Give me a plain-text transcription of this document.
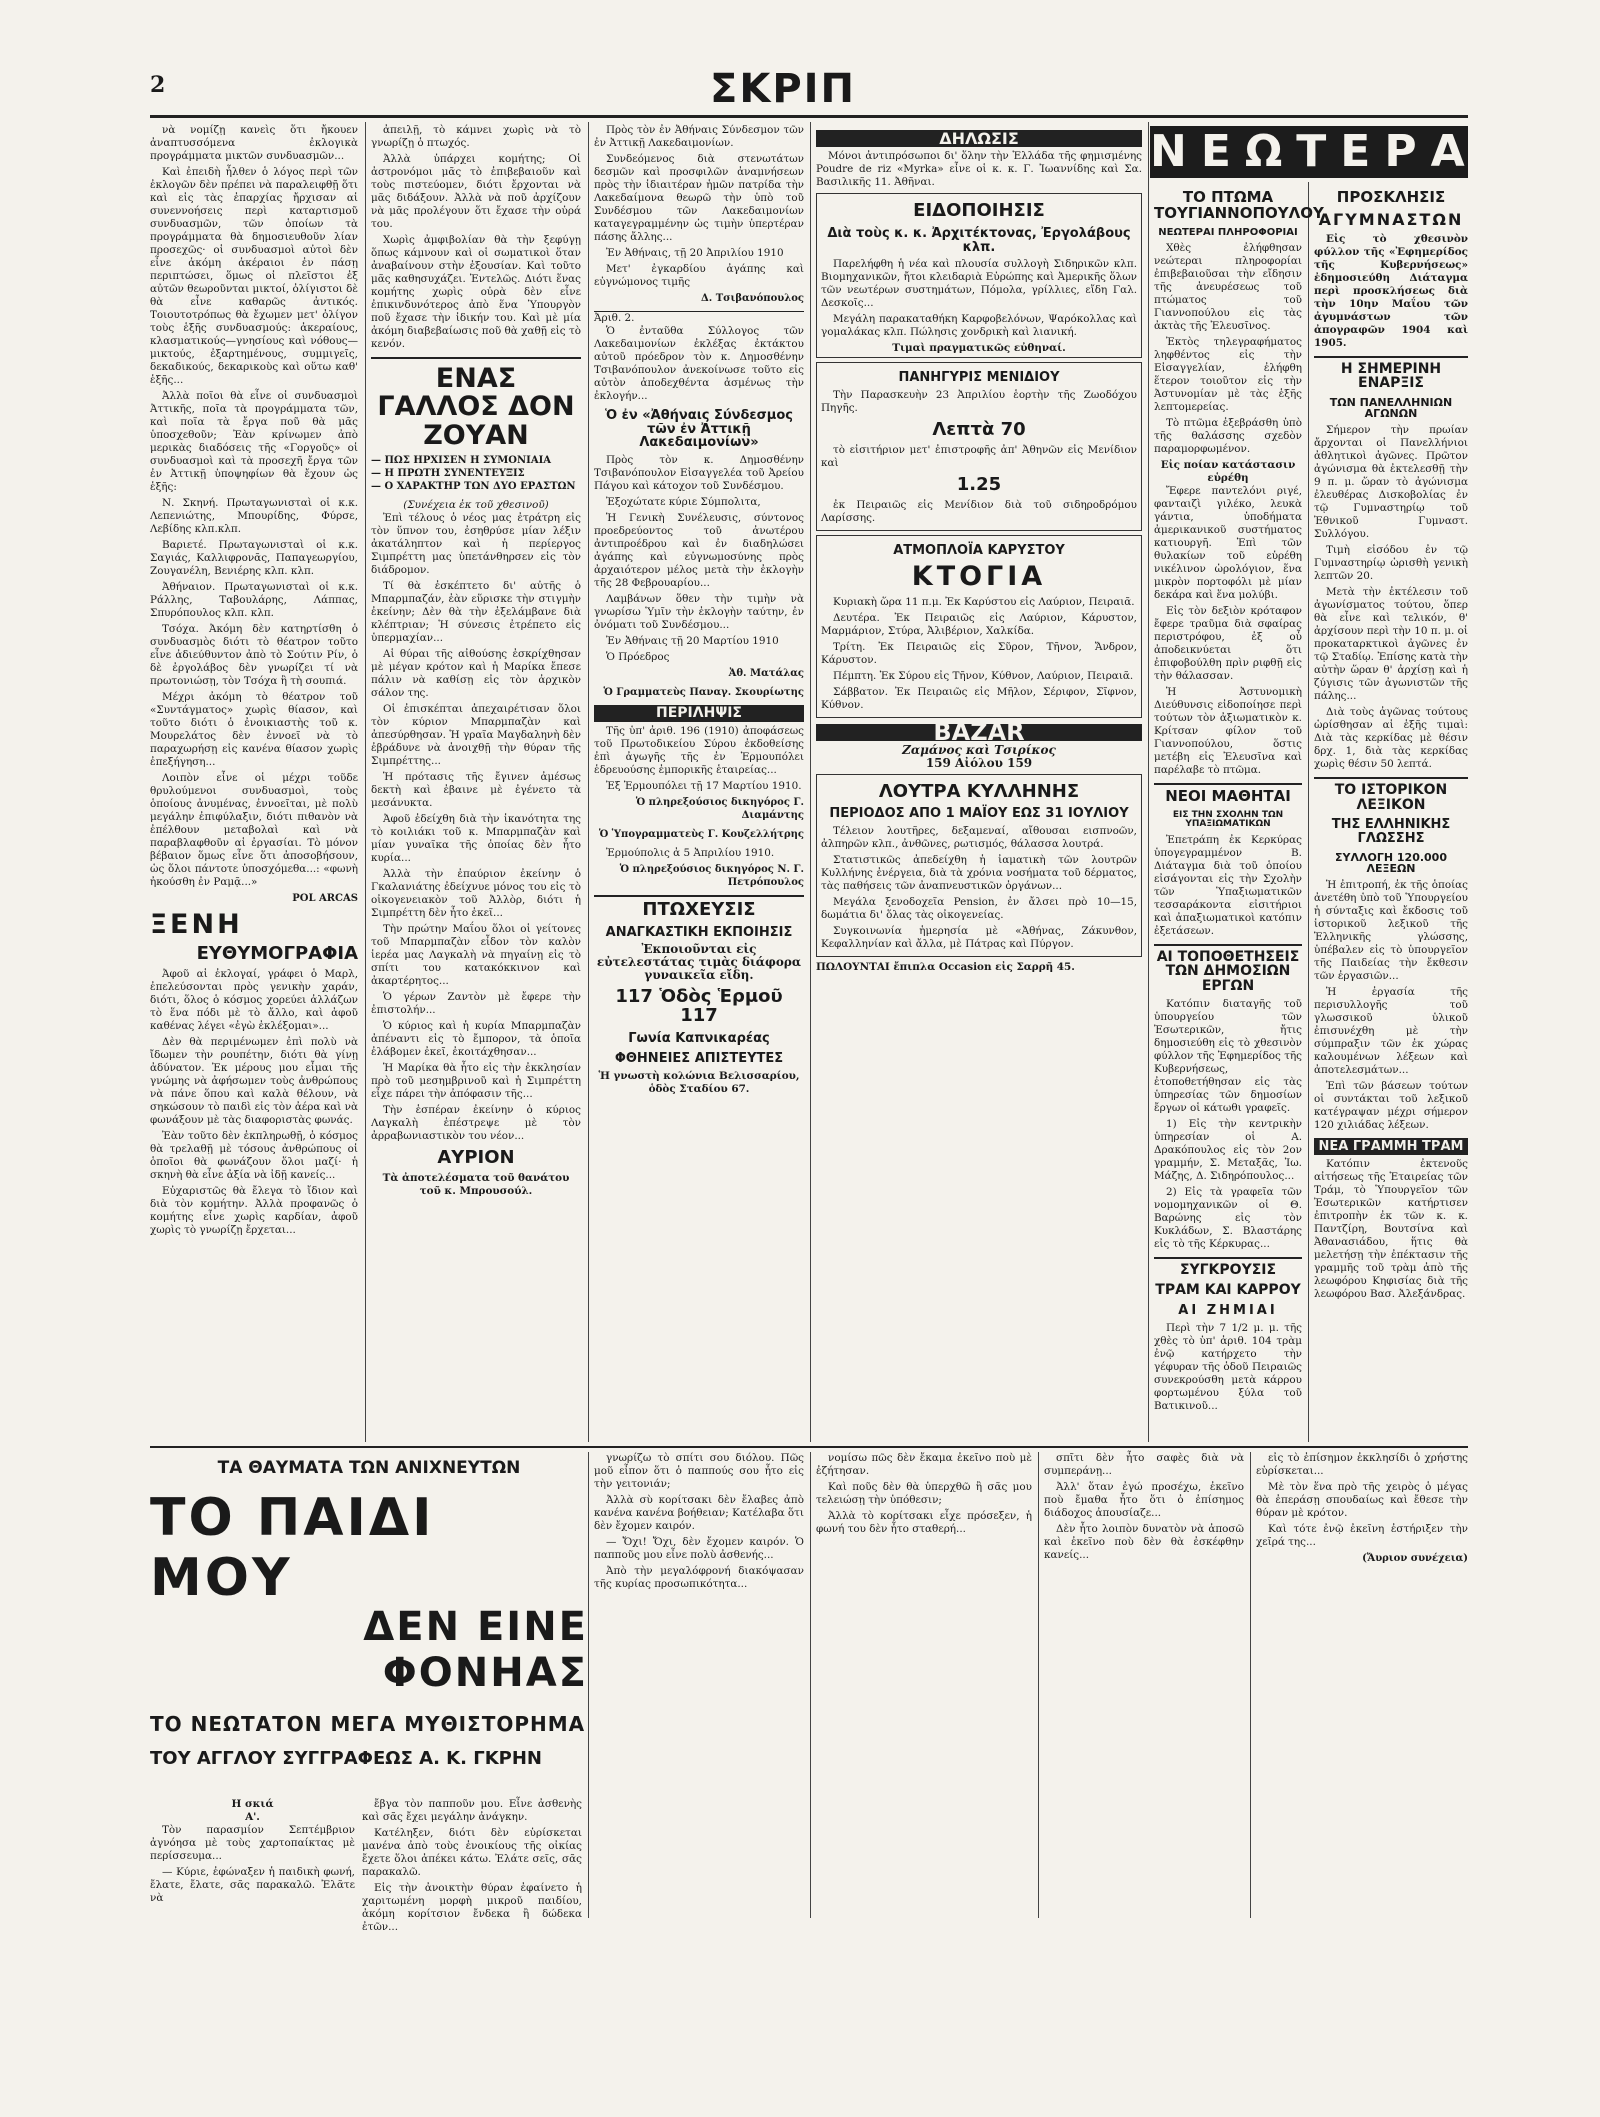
2	ΣΚΡΙΠ

νὰ νομίζῃ κανεὶς ὅτι ἤκουεν ἀναπτυσσόμενα ἐκλογικὰ προγράμματα μικτῶν συνδυασμῶν...

Καὶ ἐπειδὴ ἦλθεν ὁ λόγος περὶ τῶν ἐκλογῶν δὲν πρέπει νὰ παραλειφθῇ ὅτι καὶ εἰς τὰς ἐπαρχίας ἤρχισαν αἱ συνεννοήσεις περὶ καταρτισμοῦ συνδυασμῶν, τῶν ὁποίων τὰ προγράμματα θὰ δημοσιευθοῦν λίαν προσεχῶς· οἱ συνδυασμοὶ αὐτοὶ δὲν εἶνε ἀκόμη ἀκέραιοι ἐν πάσῃ περιπτώσει, ὅμως οἱ πλεῖστοι ἐξ αὐτῶν θεωροῦνται μικτοί, ὀλίγιστοι δὲ θὰ εἶνε καθαρῶς ἀντικός. Τοιουτοτρόπως θὰ ἔχωμεν μετ' ὀλίγον τοὺς ἑξῆς συνδυασμούς: ἀκεραίους, κλασματικούς—γνησίους καὶ νόθους—μικτούς, ἐξαρτημένους, συμμιγεῖς, δεκαδικούς, δεκαρικοὺς καὶ οὕτω καθ' ἑξῆς...

Ἀλλὰ ποῖοι θὰ εἶνε οἱ συνδυασμοὶ Ἀττικῆς, ποῖα τὰ προγράμματα τῶν, καὶ ποῖα τὰ ἔργα ποῦ θὰ μᾶς ὑποσχεθοῦν; Ἐὰν κρίνωμεν ἀπὸ μερικὰς διαδόσεις τῆς «Γοργοῦς» οἱ συνδυασμοὶ καὶ τὰ προσεχῆ ἔργα τῶν ἐν Ἀττικῇ ὑποψηφίων θὰ ἔχουν ὡς ἑξῆς:

Ν. Σκηνή. Πρωταγωνισταὶ οἱ κ.κ. Λεπενιώτης, Μπουρίδης, Φύρσε, Λεβίδης κλπ.κλπ.

Βαριετέ. Πρωταγωνισταὶ οἱ κ.κ. Σαγιάς, Καλλιφρονᾶς, Παπαγεωργίου, Ζουγανέλη, Βενιέρης κλπ. κλπ.

Ἀθήναιον. Πρωταγωνισταὶ οἱ κ.κ. Ράλλης, Ταβουλάρης, Λάππας, Σπυρόπουλος κλπ. κλπ.

Τσόχα. Ἀκόμη δὲν κατηρτίσθη ὁ συνδυασμὸς διότι τὸ θέατρον τοῦτο εἶνε ἀδιεύθυντον ἀπὸ τὸ Σούτιν Ρίν, ὁ δὲ ἐργολάβος δὲν γνωρίζει τί νὰ πρωτονιώσῃ, τὸν Τσόχα ἢ τὴ σουπιά.

Μέχρι ἀκόμη τὸ θέατρον τοῦ «Συντάγματος» χωρὶς θίασον, καὶ τοῦτο διότι ὁ ἐνοικιαστὴς τοῦ κ. Μουρελάτος δὲν ἐννοεῖ νὰ τὸ παραχωρήσῃ εἰς κανένα θίασον χωρὶς ἐπεξήγηση...

Λοιπὸν εἶνε οἱ μέχρι τοῦδε θρυλούμενοι συνδυασμοὶ, τοὺς ὁποίους ἀνυμένας, ἐννοεῖται, μὲ πολὺ μεγάλην ἐπιφύλαξιν, διότι πιθανὸν νὰ ἐπέλθουν μεταβολαὶ καὶ νὰ παραβλαφθοῦν αἱ ἐργασίαι. Τὸ μόνον βέβαιον ὅμως εἶνε ὅτι ἀποσοβήσουν, ὡς ὅλοι πάντοτε ὑποσχόμεθα...: «φωνὴ ἠκούσθη ἐν Ραμᾷ...»

POL ARCAS
ΞΕΝΗ
ΕΥΘΥΜΟΓΡΑΦΙΑ

Ἀφοῦ αἱ ἐκλογαί, γράφει ὁ Μαρλ, ἐπελεύσονται πρὸς γενικὴν χαράν, διότι, ὅλος ὁ κόσμος χορεύει ἀλλάζων τὸ ἕνα πόδι μὲ τὸ ἄλλο, καὶ ἀφοῦ καθένας λέγει «ἐγὼ ἐκλέξομαι»...

Δὲν θὰ περιμένωμεν ἐπὶ πολὺ νὰ ἴδωμεν τὴν ρουπέτην, διότι θὰ γίνῃ ἀδύνατον. Ἐκ μέρους μου εἶμαι τῆς γνώμης νὰ ἀφήσωμεν τοὺς ἀνθρώπους νὰ πάνε ὅπου καὶ καλὰ θέλουν, νὰ σηκώσουν τὸ παιδὶ εἰς τὸν ἀέρα καὶ νὰ φωνάξουν μὲ τὰς διαφοριστὰς φωνάς.

Ἐὰν τοῦτο δὲν ἐκπληρωθῇ, ὁ κόσμος θὰ τρελαθῇ μὲ τόσους ἀνθρώπους οἱ ὁποῖοι θὰ φωνάζουν ὅλοι μαζί· ἡ σκηνὴ θὰ εἶνε ἀξία νὰ ἰδῇ κανείς...

Εὐχαριστῶς θὰ ἔλεγα τὸ ἴδιον καὶ διὰ τὸν κομήτην. Ἀλλὰ προφανῶς ὁ κομήτης εἶνε χωρὶς καρδίαν, ἀφοῦ χωρὶς τὸ γνωρίζῃ ἔρχεται...

ἀπειλῇ, τὸ κάμνει χωρὶς νὰ τὸ γνωρίζῃ ὁ πτωχός.

Ἀλλὰ ὑπάρχει κομήτης; Οἱ ἀστρονόμοι μᾶς τὸ ἐπιβεβαιοῦν καὶ τοὺς πιστεύομεν, διότι ἔρχονται νὰ μᾶς διδάξουν. Ἀλλὰ νὰ ποῦ ἀρχίζουν νὰ μᾶς προλέγουν ὅτι ἔχασε τὴν οὐρά του.

Χωρὶς ἀμφιβολίαν θὰ τὴν ξεφύγῃ ὅπως κάμνουν καὶ οἱ σωματικοὶ ὅταν ἀναβαίνουν στὴν ἐξουσίαν. Καὶ τοῦτο μᾶς καθησυχάζει. Ἐντελῶς. Διότι ἕνας κομήτης χωρὶς οὐρὰ δὲν εἶνε ἐπικινδυνότερος ἀπὸ ἕνα Ὑπουργὸν ποῦ ἔχασε τὴν ἰδικήν του. Καὶ μὲ μία ἀκόμη διαβεβαίωσις ποῦ θὰ χαθῇ εἰς τὸ κενόν.

ΕΝΑΣ ΓΑΛΛΟΣ ΔΟΝ ΖΟΥΑΝ
— ΠΩΣ ΗΡΧΙΣΕΝ Η ΣΥΜΟΝΙΑΙΑ
— Η ΠΡΩΤΗ ΣΥΝΕΝΤΕΥΞΙΣ
— Ο ΧΑΡΑΚΤΗΡ ΤΩΝ ΔΥΟ ΕΡΑΣΤΩΝ
(Συνέχεια ἐκ τοῦ χθεσινοῦ)

Ἐπὶ τέλους ὁ νέος μας ἐτράτρη εἰς τὸν ὕπνον του, ἐσηθρύσε μίαν λέξιν ἀκατάληπτον καὶ ἡ περίεργος Σιμπρέττη μας ὑπετάνθηρσεν εἰς τὸν διάδρομον.

Τί θὰ ἐσκέπτετο δι' αὐτῆς ὁ Μπαρμπαζάν, ἐὰν εὕρισκε τὴν στιγμὴν ἐκείνην; Δὲν θὰ τὴν ἐξελάμβανε διὰ κλέπτριαν; Ἡ σύνεσις ἐτρέπετο εἰς ὑπερμαχίαν...

Αἱ θύραι τῆς αἰθούσης ἐσκρίχθησαν μὲ μέγαν κρότον καὶ ἡ Μαρίκα ἔπεσε πάλιν νὰ καθίσῃ εἰς τὸν ἀρχικὸν σάλον της.

Οἱ ἐπισκέπται ἀπεχαιρέτισαν ὅλοι τὸν κύριον Μπαρμπαζὰν καὶ ἀπεσύρθησαν. Ἡ γραῖα Μαγδαληνὴ δὲν ἐβράδυνε νὰ ἀνοιχθῇ τὴν θύραν τῆς Σιμπρέττης...

Ἡ πρότασις τῆς ἔγινεν ἀμέσως δεκτὴ καὶ ἐβαινε μὲ ἐγένετο τὰ μεσάνυκτα.

Ἀφοῦ ἐδείχθη διὰ τὴν ἱκανότητα της τὸ κοιλιάκι τοῦ κ. Μπαρμπαζὰν καὶ μίαν γυναῖκα τῆς ὁποίας δὲν ἦτο κυρία...

Ἀλλὰ τὴν ἐπαύριον ἐκείνην ὁ Γκαλανιάτης ἐδείχνυε μόνος του εἰς τὸ οἰκογενειακὸν τοῦ Ἀλλὸρ, διότι ἡ Σιμπρέττη δὲν ἦτο ἐκεῖ...

Τὴν πρώτην Μαΐου ὅλοι οἱ γείτονες τοῦ Μπαρμπαζὰν εἶδον τὸν καλὸν ἱερέα μας Λαγκαλὴ νὰ πηγαίνῃ εἰς τὸ σπίτι του κατακόκκινον καὶ ἀκαρτέρητος...

Ὁ γέρων Ζαντὸν μὲ ἔφερε τὴν ἐπιστολήν...

Ὁ κύριος καὶ ἡ κυρία Μπαρμπαζὰν ἀπέναντι εἰς τὸ ἔμπορον, τὰ ὁποῖα ἐλάβομεν ἐκεῖ, ἐκοιτάχθησαν...

Ἡ Μαρίκα θὰ ἦτο εἰς τὴν ἐκκλησίαν πρὸ τοῦ μεσημβρινοῦ καὶ ἡ Σιμπρέττη εἶχε πάρει τὴν ἀπόφασιν τῆς...

Τὴν ἑσπέραν ἐκείνην ὁ κύριος Λαγκαλὴ ἐπέστρεψε μὲ τὸν ἀρραβωνιαστικὸν του νέον...

ΑΥΡΙΟΝ
Τὰ ἀποτελέσματα τοῦ θανάτου τοῦ κ. Μπρουσούλ.

Πρὸς τὸν ἐν Ἀθήναις Σύνδεσμον τῶν ἐν Ἀττικῇ Λακεδαιμονίων.

Συνδεόμενος διὰ στενωτάτων δεσμῶν καὶ προσφιλῶν ἀναμνήσεων πρὸς τὴν ἱδιαιτέραν ἡμῶν πατρίδα τὴν Λακεδαίμονα θεωρῶ τὴν ὑπὸ τοῦ Συνδέσμου τῶν Λακεδαιμονίων καταγεγραμμένην ὡς τιμὴν ὑπερτέραν πάσης ἄλλης...

Ἐν Ἀθήναις, τῇ 20 Ἀπριλίου 1910

Μετ' ἐγκαρδίου ἀγάπης καὶ εὐγνώμονος τιμῆς

Δ. Τσιβανόπουλος
Ἀριθ. 2.

Ὁ ἐνταῦθα Σύλλογος τῶν Λακεδαιμονίων ἐκλέξας ἐκτάκτου αὐτοῦ πρόεδρον τὸν κ. Δημοσθένην Τσιβανόπουλον ἀνεκοίνωσε τοῦτο εἰς αὐτὸν ἀποδεχθέντα ἀσμένως τὴν ἐκλογήν...

Ὁ ἐν «Ἀθήναις Σύνδεσμος τῶν ἐν Ἀττικῇ Λακεδαιμονίων»

Πρὸς τὸν κ. Δημοσθένην Τσιβανόπουλον Εἰσαγγελέα τοῦ Ἀρείου Πάγου καὶ κάτοχον τοῦ Συνδέσμου.

Ἐξοχώτατε κύριε Σύμπολιτα,

Ἡ Γενικὴ Συνέλευσις, σύντονος προεδρεύοντος τοῦ ἀνωτέρου ἀντιπροέδρου καὶ ἐν διαδηλώσει ἀγάπης καὶ εὐγνωμοσύνης πρὸς ἀρχαιότερον μέλος μετὰ τὴν ἐκλογὴν τῆς 28 Φεβρουαρίου...

Λαμβάνων ὅθεν τὴν τιμὴν νὰ γνωρίσω Ὑμῖν τὴν ἐκλογὴν ταύτην, ἐν ὀνόματι τοῦ Συνδέσμου...

Ἐν Ἀθήναις τῇ 20 Μαρτίου 1910

Ὁ Πρόεδρος

Ἀθ. Ματάλας
Ὁ Γραμματεὺς Παναγ. Σκουρίωτης
ΠΕΡΙΛΗΨΙΣ

Τῆς ὑπ' ἀριθ. 196 (1910) ἀποφάσεως τοῦ Πρωτοδικείου Σύρου ἐκδοθείσης ἐπὶ ἀγωγῆς τῆς ἐν Ἑρμουπόλει ἑδρευούσης ἐμπορικῆς ἑταιρείας...

Ἐξ Ἑρμουπόλει τῇ 17 Μαρτίου 1910.

Ὁ πληρεξούσιος δικηγόρος Γ. Διαμάντης
Ὁ Ὑπογραμματεὺς Γ. Κουζελλήτρης

Ἐρμούπολις ἀ 5 Ἀπριλίου 1910.

Ὁ πληρεξούσιος δικηγόρος Ν. Γ. Πετρόπουλος
ΠΤΩΧΕΥΣΙΣ
ΑΝΑΓΚΑΣΤΙΚΗ ΕΚΠΟΙΗΣΙΣ
Ἐκποιοῦνται εἰς εὐτελεστάτας τιμὰς διάφορα γυναικεῖα εἴδη.
117 Ὁδὸς Ἑρμοῦ 117
Γωνία Καπνικαρέας
ΦΘΗΝΕΙΕΣ ΑΠΙΣΤΕΥΤΕΣ
Ἡ γνωστὴ κολώνια Βελισσαρίου, ὁδὸς Σταδίου 67.
ΔΗΛΩΣΙΣ

Μόνοι ἀντιπρόσωποι δι' ὅλην τὴν Ἑλλάδα τῆς φημισμένης Poudre de riz «Myrka» εἶνε οἱ κ. κ. Γ. Ἰωαννίδης καὶ Σα. Βασιλικῆς 11. Ἀθῆναι.

ΕΙΔΟΠΟΙΗΣΙΣ
Διὰ τοὺς κ. κ. Ἀρχιτέκτονας, Ἐργολάβους κλπ.

Παρελήφθη ἡ νέα καὶ πλουσία συλλογὴ Σιδηρικῶν κλπ. Βιομηχανικῶν, ἤτοι κλειδαριὰ Εὐρώπης καὶ Ἀμερικῆς ὅλων τῶν νεωτέρων συστημάτων, Πόμολα, γρίλλιες, εἴδη Γαλ. Δεσκοῖς...

Μεγάλη παρακαταθήκη Καρφοβελόνων, Ψαρόκολλας καὶ γομαλάκας κλπ. Πώλησις χονδρικὴ καὶ λιανική.

Τιμαὶ πραγματικῶς εὐθηναί.
ΠΑΝΗΓΥΡΙΣ ΜΕΝΙΔΙΟΥ

Τὴν Παρασκευὴν 23 Ἀπριλίου ἑορτὴν τῆς Ζωοδόχου Πηγῆς.

Λεπτὰ 70

τὸ εἰσιτήριον μετ' ἐπιστροφῆς ἀπ' Ἀθηνῶν εἰς Μενίδιον καὶ

1.25

ἐκ Πειραιῶς εἰς Μενίδιον διὰ τοῦ σιδηροδρόμου Λαρίσσης.

ΑΤΜΟΠΛΟΪΑ ΚΑΡΥΣΤΟΥ
ΚΤΟΓΙΑ

Κυριακὴ ὥρα 11 π.μ. Ἐκ Καρύστου εἰς Λαύριον, Πειραιᾶ.

Δευτέρα. Ἐκ Πειραιῶς εἰς Λαύριον, Κάρυστον, Μαρμάριον, Στύρα, Ἀλιβέριον, Χαλκίδα.

Τρίτη. Ἐκ Πειραιῶς εἰς Σῦρον, Τῆνον, Ἄνδρον, Κάρυστον.

Πέμπτη. Ἐκ Σύρου εἰς Τῆνον, Κύθνον, Λαύριον, Πειραιᾶ.

Σάββατον. Ἐκ Πειραιῶς εἰς Μῆλον, Σέριφον, Σῖφνον, Κύθνον.

BAZAR
Ζαμάνος καὶ Τσιρίκος
159 Αἰόλου 159
ΛΟΥΤΡΑ ΚΥΛΛΗΝΗΣ
ΠΕΡΙΟΔΟΣ ΑΠΟ 1 ΜΑΪΟΥ ΕΩΣ 31 ΙΟΥΛΙΟΥ

Τέλειον λουτῆρες, δεξαμεναί, αἴθουσαι εισπνοῶν, ἀλπηρῶν κλπ., ἀνθῶνες, ρωτισμός, θάλασσα λουτρά.

Στατιστικῶς ἀπεδείχθη ἡ ἰαματικὴ τῶν λουτρῶν Κυλλήνης ἐνέργεια, διὰ τὰ χρόνια νοσήματα τοῦ δέρματος, τὰς παθήσεις τῶν ἀναπνευστικῶν ὀργάνων...

Μεγάλα ξενοδοχεῖα Pension, ἐν ἄλσει πρὸ 10—15, δωμάτια δι' ὅλας τὰς οἰκογενείας.

Συγκοινωνία ἡμερησία μὲ «Ἀθήνας, Ζάκυνθον, Κεφαλληνίαν καὶ ἄλλα, μὲ Πάτρας καὶ Πύργον.

ΠΩΛΟΥΝΤΑΙ ἔπιπλα Occasion εἰς Σαρρῆ 45.
ΝΕΩΤΕΡΑ
ΤΟ ΠΤΩΜΑ ΤΟΥΓΙΑΝΝΟΠΟΥΛΟΥ
ΝΕΩΤΕΡΑΙ ΠΛΗΡΟΦΟΡΙΑΙ

Χθὲς ἐλήφθησαν νεώτεραι πληροφορίαι ἐπιβεβαιοῦσαι τὴν εἴδησιν τῆς ἀνευρέσεως τοῦ πτώματος τοῦ Γιαννοπούλου εἰς τὰς ἀκτὰς τῆς Ἐλευσῖνος.

Ἐκτὸς τηλεγραφήματος ληφθέντος εἰς τὴν Εἰσαγγελίαν, ἐλήφθη ἕτερον τοιοῦτον εἰς τὴν Ἀστυνομίαν μὲ τὰς ἑξῆς λεπτομερείας.

Τὸ πτῶμα ἐξεβράσθη ὑπὸ τῆς θαλάσσης σχεδὸν παραμορφωμένον.

Εἰς ποίαν κατάστασιν εὑρέθη

Ἔφερε παντελόνι ριγέ, φανταιζὶ γιλέκο, λευκὰ γάντια, ὑποδήματα ἀμερικανικοῦ συστήματος κατιουργῆ. Ἐπὶ τῶν θυλακίων τοῦ εὑρέθη νικέλινον ὡρολόγιον, ἕνα μικρὸν πορτοφόλι μὲ μίαν δεκάρα καὶ ἕνα μολύβι.

Εἰς τὸν δεξιὸν κρόταφον ἔφερε τραῦμα διὰ σφαίρας περιστρόφου, ἐξ οὗ ἀποδεικνύεται ὅτι ἐπιφοβούλθη πρὶν ριφθῇ εἰς τὴν θάλασσαν.

Ἡ Ἀστυνομικὴ Διεύθυνσις εἰδοποίησε περὶ τούτων τὸν ἀξιωματικὸν κ. Κρίτσαν φίλον τοῦ Γιαννοπούλου, ὅστις μετέβη εἰς Ἐλευσῖνα καὶ παρέλαβε τὸ πτῶμα.

ΝΕΟΙ ΜΑΘΗΤΑΙ
ΕΙΣ ΤΗΝ ΣΧΟΛΗΝ ΤΩΝ ΥΠΑΞΙΩΜΑΤΙΚΩΝ

Ἐπετράπη ἐκ Κερκύρας ὑπογεγραμμένον Β. Διάταγμα διὰ τοῦ ὁποίου εἰσάγονται εἰς τὴν Σχολὴν τῶν Ὑπαξιωματικῶν τεσσαράκοντα εἰσιτήριοι καὶ ἀπαξιωματικοὶ κατόπιν ἐξετάσεων.

ΑΙ ΤΟΠΟΘΕΤΗΣΕΙΣ ΤΩΝ ΔΗΜΟΣΙΩΝ ΕΡΓΩΝ

Κατόπιν διαταγῆς τοῦ ὑπουργείου τῶν Ἐσωτερικῶν, ἤτις δημοσιεύθη εἰς τὸ χθεσινὸν φύλλον τῆς Ἐφημερίδος τῆς Κυβερνήσεως, ἐτοποθετήθησαν εἰς τὰς ὑπηρεσίας τῶν δημοσίων ἔργων οἱ κάτωθι γραφεῖς.

1) Εἰς τὴν κεντρικὴν ὑπηρεσίαν οἱ Α. Δρακόπουλος εἰς τὸν 2ον γραμμήν, Σ. Μεταξᾶς, Ἰω. Μάζης, Δ. Σιδηρόπουλος...

2) Εἰς τὰ γραφεῖα τῶν νομομηχανικῶν οἱ Θ. Βαρώνης εἰς τὸν Κυκλάδων, Σ. Βλαστάρης εἰς τὸ τῆς Κέρκυρας...

ΣΥΓΚΡΟΥΣΙΣ
ΤΡΑΜ ΚΑΙ ΚΑΡΡΟΥ
ΑΙ ΖΗΜΙΑΙ

Περὶ τὴν 7 1/2 μ. μ. τῆς χθὲς τὸ ὑπ' ἀριθ. 104 τρὰμ ἐνῷ κατήρχετο τὴν γέφυραν τῆς ὁδοῦ Πειραιῶς συνεκρούσθη μετὰ κάρρου φορτωμένου ξύλα τοῦ Βατικινοῦ...

ΠΡΟΣΚΛΗΣΙΣ
ΑΓΥΜΝΑΣΤΩΝ

Εἰς τὸ χθεσινὸν φύλλον τῆς «Ἐφημερίδος τῆς Κυβερνήσεως» ἐδημοσιεύθη Διάταγμα περὶ προσκλήσεως διὰ τὴν 10ην Μαΐου τῶν ἀγυμνάστων τῶν ἀπογραφῶν 1904 καὶ 1905.

Η ΣΗΜΕΡΙΝΗ ΕΝΑΡΞΙΣ
ΤΩΝ ΠΑΝΕΛΛΗΝΙΩΝ ΑΓΩΝΩΝ

Σήμερον τὴν πρωίαν ἄρχονται οἱ Πανελλήνιοι ἀθλητικοὶ ἀγῶνες. Πρῶτον ἀγώνισμα θὰ ἐκτελεσθῇ τὴν 9 π. μ. ὥραν τὸ ἀγώνισμα ἐλευθέρας Δισκοβολίας ἐν τῷ Γυμναστηρίῳ τοῦ Ἐθνικοῦ Γυμναστ. Συλλόγου.

Τιμὴ εἰσόδου ἐν τῷ Γυμναστηρίῳ ὡρισθὴ γενικὴ λεπτῶν 20.

Μετὰ τὴν ἐκτέλεσιν τοῦ ἀγωνίσματος τούτου, ὅπερ θὰ εἶνε καὶ τελικόν, θ' ἀρχίσουν περὶ τὴν 10 π. μ. οἱ προκαταρκτικοὶ ἀγῶνες ἐν τῷ Σταδίῳ. Ἐπίσης κατὰ τὴν αὐτὴν ὥραν θ' ἀρχίσῃ καὶ ἡ ζύγισις τῶν ἀγωνιστῶν τῆς πάλης...

Διὰ τοὺς ἀγῶνας τούτους ὡρίσθησαν αἱ ἑξῆς τιμαὶ: Διὰ τὰς κερκίδας μὲ θέσιν δρχ. 1, διὰ τὰς κερκίδας χωρὶς θέσιν 50 λεπτά.

ΤΟ ΙΣΤΟΡΙΚΟΝ ΛΕΞΙΚΟΝ
ΤΗΣ ΕΛΛΗΝΙΚΗΣ ΓΛΩΣΣΗΣ
ΣΥΛΛΟΓΗ 120.000 ΛΕΞΕΩΝ

Ἡ ἐπιτροπή, ἐκ τῆς ὁποίας ἀνετέθη ὑπὸ τοῦ Ὑπουργείου ἡ σύνταξις καὶ ἔκδοσις τοῦ ἱστορικοῦ λεξικοῦ τῆς Ἑλληνικῆς γλώσσης, ὑπέβαλεν εἰς τὸ ὑπουργεῖον τῆς Παιδείας τὴν ἔκθεσιν τῶν ἐργασιῶν...

Ἡ ἐργασία τῆς περισυλλογῆς τοῦ γλωσσικοῦ ὑλικοῦ ἐπισυνέχθη μὲ τὴν σύμπραξιν τῶν ἐκ χώρας καλουμένων λέξεων καὶ ἀποτελεσμάτων...

Ἐπὶ τῶν βάσεων τούτων οἱ συντάκται τοῦ λεξικοῦ κατέγραψαν μέχρι σήμερον 120 χιλιάδας λέξεων.

ΝΕΑ ΓΡΑΜΜΗ ΤΡΑΜ

Κατόπιν ἐκτενοῦς αἰτήσεως τῆς Ἑταιρείας τῶν Τράμ, τὸ Ὑπουργεῖον τῶν Ἐσωτερικῶν κατήρτισεν ἐπιτροπὴν ἐκ τῶν κ. κ. Παντζίρη, Βουτσίνα καὶ Ἀθανασιάδου, ἥτις θὰ μελετήσῃ τὴν ἐπέκτασιν τῆς γραμμῆς τοῦ τρὰμ ἀπὸ τῆς λεωφόρου Κηφισίας διὰ τῆς λεωφόρου Βασ. Ἀλεξάνδρας.

ΤΑ ΘΑΥΜΑΤΑ ΤΩΝ ΑΝΙΧΝΕΥΤΩΝ
ΤΟ ΠΑΙΔΙ ΜΟΥ
ΔΕΝ ΕΙΝΕ ΦΟΝΗΑΣ
ΤΟ ΝΕΩΤΑΤΟΝ ΜΕΓΑ ΜΥΘΙΣΤΟΡΗΜΑ
ΤΟΥ ΑΓΓΛΟΥ ΣΥΓΓΡΑΦΕΩΣ Α. Κ. ΓΚΡΗΝ
Η σκιά
Α'.

Τὸν παρασμίον Σεπτέμβριον ἀγνόησα μὲ τοὺς χαρτοπαίκτας μὲ περίσσευμα...

— Κύριε, ἐφώναξεν ἡ παιδικὴ φωνή, ἔλατε, ἔλατε, σᾶς παρακαλῶ. Ἐλᾶτε νὰ

ἔβγα τὸν παπποῦν μου. Εἶνε ἀσθενὴς καὶ σᾶς ἔχει μεγάλην ἀνάγκην.

Κατέληξεν, διότι δὲν εὑρίσκεται μανένα ἀπὸ τοὺς ἐνοικίους τῆς οἰκίας ἔχετε ὅλοι ἀπέκει κάτω. Ἐλάτε σεῖς, σᾶς παρακαλῶ.

Εἰς τὴν ἀνοικτὴν θύραν ἐφαίνετο ἡ χαριτωμένη μορφὴ μικροῦ παιδίου, ἀκόμη κορίτσιον ἔνδεκα ἢ δώδεκα ἐτῶν...

γνωρίζω τὸ σπίτι σου διόλου. Πῶς μοῦ εἶπον ὅτι ὁ παππούς σου ἦτο εἰς τὴν γειτονιάν;

Ἀλλὰ σὺ κορίτσακι δὲν ἔλαβες ἀπὸ κανένα κανένα βοήθειαν; Κατέλαβα ὅτι δὲν ἔχομεν καιρόν.

— Ὄχι! Ὄχι, δὲν ἔχομεν καιρόν. Ὁ παπποῦς μου εἶνε πολὺ ἀσθενής...

Ἀπὸ τὴν μεγαλόφρονή διακόψασαν τῆς κυρίας προσωπικότητα...

νομίσω πῶς δὲν ἔκαμα ἐκεῖνο ποὺ μὲ ἐζήτησαν.

Καὶ ποῦς δὲν θὰ ὑπερχθῶ ἢ σᾶς μου τελειώσῃ τὴν ὑπόθεσιν;

Ἀλλὰ τὸ κορίτσακι εἶχε πρόσεξεν, ἡ φωνή του δὲν ἦτο σταθερή...

σπῖτι δὲν ἦτο σαφὲς διὰ νὰ συμπεράνῃ...

Ἀλλ' ὅταν ἐγώ προσέχω, ἐκεῖνο ποὺ ἔμαθα ἦτο ὅτι ὁ ἐπίσημος διάδοχος ἀπουσίαζε...

Δὲν ἦτο λοιπὸν δυνατὸν νὰ ἀποσῶ καὶ ἐκεῖνο ποὺ δὲν θὰ ἐσκέφθην κανείς...

εἰς τὸ ἐπίσημον ἐκκλησίδι ὁ χρήστης εὑρίσκεται...

Μὲ τὸν ἕνα πρὸ τῆς χειρὸς ὁ μέγας θὰ ἐπεράσῃ σπουδαίως καὶ ἔθεσε τὴν θύραν μὲ κρότον.

Καὶ τότε ἐνῷ ἐκεῖνη ἐστήριξεν τὴν χεῖρά της...

(Ἄυριον συνέχεια)
